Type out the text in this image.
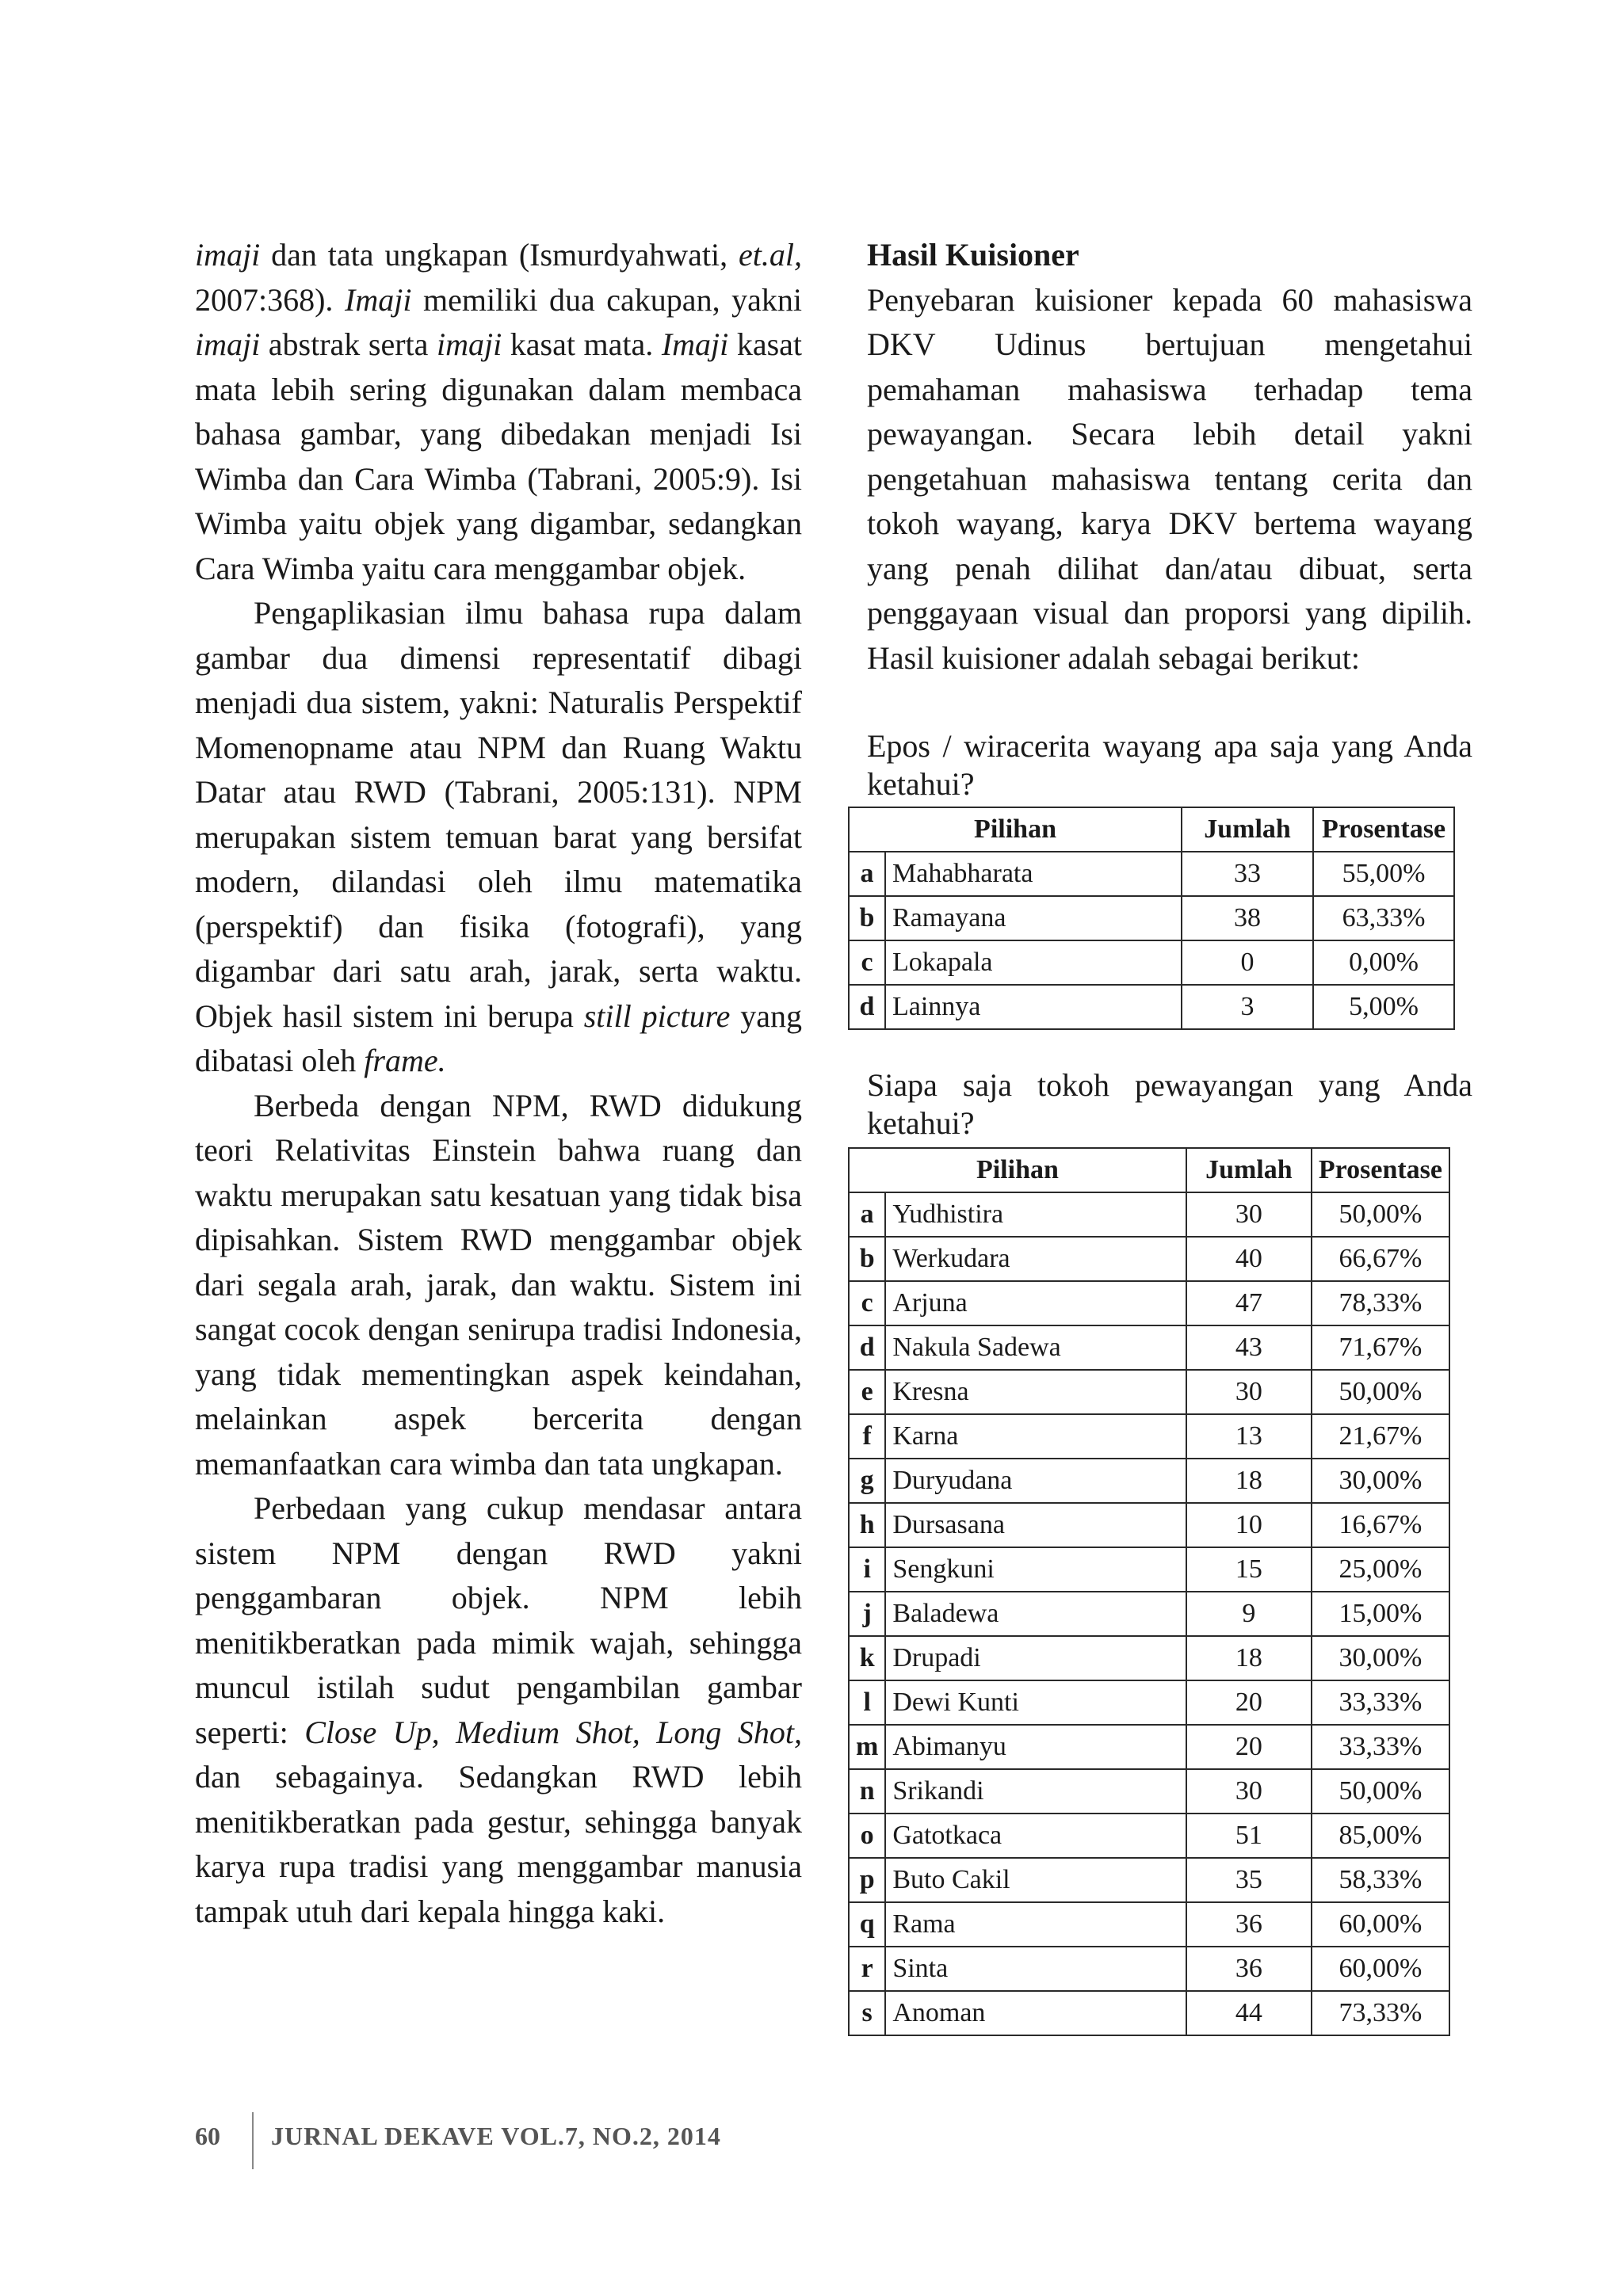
imaji dan tata ungkapan (Ismurdyahwati, et.al, 2007:368). Imaji memiliki dua cakupan, yakni imaji abstrak serta imaji kasat mata. Imaji kasat mata lebih sering digunakan dalam membaca bahasa gambar, yang dibedakan menjadi Isi Wimba dan Cara Wimba (Tabrani, 2005:9). Isi Wimba yaitu objek yang digambar, sedangkan Cara Wimba yaitu cara menggambar objek.

Pengaplikasian ilmu bahasa rupa dalam gambar dua dimensi representatif dibagi menjadi dua sistem, yakni: Naturalis Perspektif Momenopname atau NPM dan Ruang Waktu Datar atau RWD (Tabrani, 2005:131). NPM merupakan sistem temuan barat yang bersifat modern, dilandasi oleh ilmu matematika (perspektif) dan fisika (fotografi), yang digambar dari satu arah, jarak, serta waktu. Objek hasil sistem ini berupa still picture yang dibatasi oleh frame.

Berbeda dengan NPM, RWD didukung teori Relativitas Einstein bahwa ruang dan waktu merupakan satu kesatuan yang tidak bisa dipisahkan. Sistem RWD menggambar objek dari segala arah, jarak, dan waktu. Sistem ini sangat cocok dengan senirupa tradisi Indonesia, yang tidak mementingkan aspek keindahan, melainkan aspek bercerita dengan memanfaatkan cara wimba dan tata ungkapan.

Perbedaan yang cukup mendasar antara sistem NPM dengan RWD yakni penggambaran objek. NPM lebih menitikberatkan pada mimik wajah, sehingga muncul istilah sudut pengambilan gambar seperti: Close Up, Medium Shot, Long Shot, dan sebagainya. Sedangkan RWD lebih menitikberatkan pada gestur, sehingga banyak karya rupa tradisi yang menggambar manusia tampak utuh dari kepala hingga kaki.

Hasil Kuisioner

Penyebaran kuisioner kepada 60 mahasiswa DKV Udinus bertujuan mengetahui pemahaman mahasiswa terhadap tema pewayangan. Secara lebih detail yakni pengetahuan mahasiswa tentang cerita dan tokoh wayang, karya DKV bertema wayang yang penah dilihat dan/atau dibuat, serta penggayaan visual dan proporsi yang dipilih. Hasil kuisioner adalah sebagai berikut:

Epos / wiracerita wayang apa saja yang Anda ketahui?
Pilihan		Jumlah	Prosentase
a	Mahabharata	33	55,00%
b	Ramayana	38	63,33%
c	Lokapala	0	0,00%
d	Lainnya	3	5,00%
Siapa saja tokoh pewayangan yang Anda ketahui?
Pilihan		Jumlah	Prosentase
a	Yudhistira	30	50,00%
b	Werkudara	40	66,67%
c	Arjuna	47	78,33%
d	Nakula Sadewa	43	71,67%
e	Kresna	30	50,00%
f	Karna	13	21,67%
g	Duryudana	18	30,00%
h	Dursasana	10	16,67%
i	Sengkuni	15	25,00%
j	Baladewa	9	15,00%
k	Drupadi	18	30,00%
l	Dewi Kunti	20	33,33%
m	Abimanyu	20	33,33%
n	Srikandi	30	50,00%
o	Gatotkaca	51	85,00%
p	Buto Cakil	35	58,33%
q	Rama	36	60,00%
r	Sinta	36	60,00%
s	Anoman	44	73,33%
60 JURNAL DEKAVE VOL.7, NO.2, 2014
